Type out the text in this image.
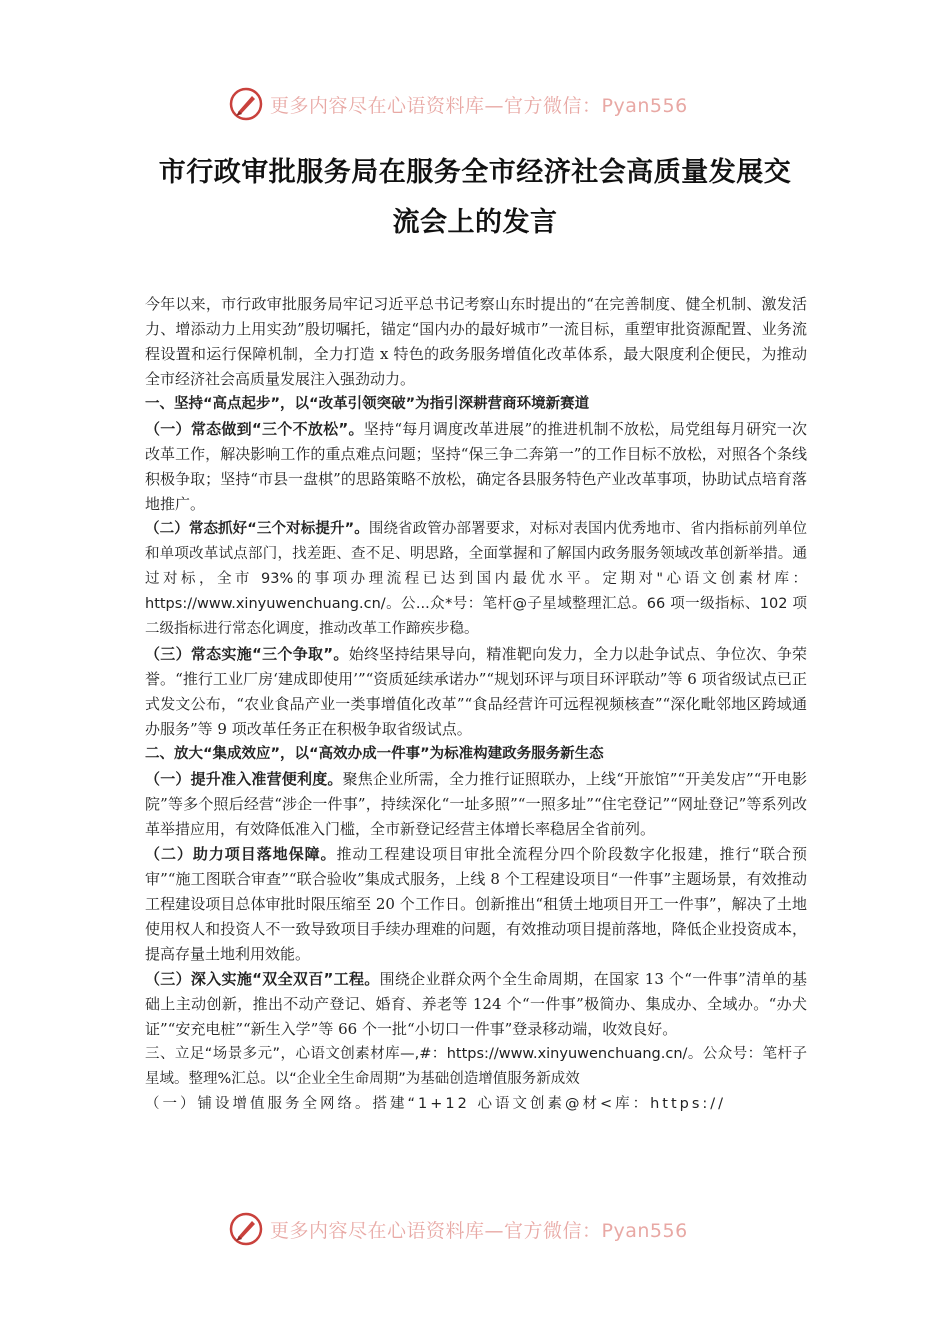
更多内容尽在心语资料库—官方微信：Pyan556
市行政审批服务局在服务全市经济社会高质量发展交
流会上的发言

今年以来，市行政审批服务局牢记习近平总书记考察山东时提出的“在完善制度、健全机制、激发活力、增添动力上用实劲”殷切嘱托，锚定“国内办的最好城市”一流目标，重塑审批资源配置、业务流程设置和运行保障机制，全力打造 x 特色的政务服务增值化改革体系，最大限度利企便民，为推动全市经济社会高质量发展注入强劲动力。

一、坚持“高点起步”，以“改革引领突破”为指引深耕营商环境新赛道

（一）常态做到“三个不放松”。坚持“每月调度改革进展”的推进机制不放松，局党组每月研究一次改革工作，解决影响工作的重点难点问题；坚持“保三争二奔第一”的工作目标不放松，对照各个条线积极争取；坚持“市县一盘棋”的思路策略不放松，确定各县服务特色产业改革事项，协助试点培育落地推广。

（二）常态抓好“三个对标提升”。围绕省政管办部署要求，对标对表国内优秀地市、省内指标前列单位和单项改革试点部门，找差距、查不足、明思路，全面掌握和了解国内政务服务领域改革创新举措。通过对标，全市 93%的事项办理流程已达到国内最优水平。定期对"心语文创素材库：https://www.xinyuwenchuang.cn/。公...众*号：笔杆@子星域整理汇总。66 项一级指标、102 项二级指标进行常态化调度，推动改革工作蹄疾步稳。

（三）常态实施“三个争取”。始终坚持结果导向，精准靶向发力，全力以赴争试点、争位次、争荣誉。“推行工业厂房‘建成即使用’”“资质延续承诺办”“规划环评与项目环评联动”等 6 项省级试点已正式发文公布，“农业食品产业一类事增值化改革”“食品经营许可远程视频核查”“深化毗邻地区跨域通办服务”等 9 项改革任务正在积极争取省级试点。

二、放大“集成效应”，以“高效办成一件事”为标准构建政务服务新生态

（一）提升准入准营便利度。聚焦企业所需，全力推行证照联办，上线“开旅馆”“开美发店”“开电影院”等多个照后经营“涉企一件事”，持续深化“一址多照”“一照多址”“住宅登记”“网址登记”等系列改革举措应用，有效降低准入门槛，全市新登记经营主体增长率稳居全省前列。

（二）助力项目落地保障。推动工程建设项目审批全流程分四个阶段数字化报建，推行“联合预审”“施工图联合审查”“联合验收”集成式服务，上线 8 个工程建设项目“一件事”主题场景，有效推动工程建设项目总体审批时限压缩至 20 个工作日。创新推出“租赁土地项目开工一件事”，解决了土地使用权人和投资人不一致导致项目手续办理难的问题，有效推动项目提前落地，降低企业投资成本，提高存量土地利用效能。

（三）深入实施“双全双百”工程。围绕企业群众两个全生命周期，在国家 13 个“一件事”清单的基础上主动创新，推出不动产登记、婚育、养老等 124 个“一件事”极简办、集成办、全域办。“办犬证”“安充电桩”“新生入学”等 66 个一批“小切口一件事”登录移动端，收效良好。

三、立足“场景多元”，心语文创素材库—,#：https://www.xinyuwenchuang.cn/。公众号：笔杆子星域。整理%汇总。以“企业全生命周期”为基础创造增值服务新成效

（一）铺设增值服务全网络。搭建“1+12 心语文创素@材<库：https://

更多内容尽在心语资料库—官方微信：Pyan556
